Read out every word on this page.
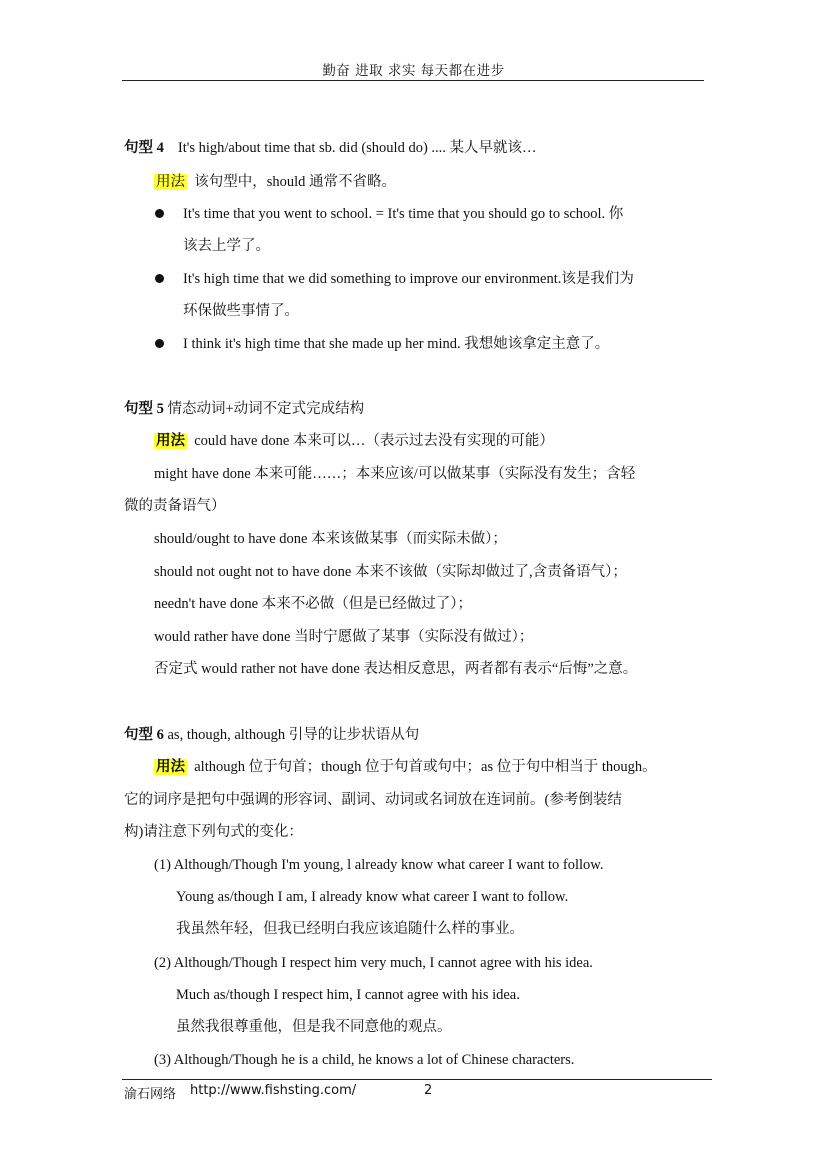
勤奋 进取 求实 每天都在进步
句型 4 It's high/about time that sb. did (should do) .... 某人早就该…
用法 该句型中，should 通常不省略。
It's time that you went to school. = It's time that you should go to school. 你
该去上学了。
It's high time that we did something to improve our environment.该是我们为
环保做些事情了。
I think it's high time that she made up her mind. 我想她该拿定主意了。
句型 5 情态动词+动词不定式完成结构
用法 could have done 本来可以…（表示过去没有实现的可能）
might have done 本来可能……；本来应该/可以做某事（实际没有发生；含轻
微的责备语气）
should/ought to have done 本来该做某事（而实际未做）；
should not ought not to have done 本来不该做（实际却做过了,含责备语气）；
needn't have done 本来不必做（但是已经做过了）；
would rather have done 当时宁愿做了某事（实际没有做过）；
否定式 would rather not have done 表达相反意思，两者都有表示“后悔”之意。
句型 6 as, though, although 引导的让步状语从句
用法 although 位于句首；though 位于句首或句中；as 位于句中相当于 though。
它的词序是把句中强调的形容词、副词、动词或名词放在连词前。(参考倒装结
构)请注意下列句式的变化：
(1) Although/Though I'm young, l already know what career I want to follow.
Young as/though I am, I already know what career I want to follow.
我虽然年轻，但我已经明白我应该追随什么样的事业。
(2) Although/Though I respect him very much, I cannot agree with his idea.
Much as/though I respect him, I cannot agree with his idea.
虽然我很尊重他，但是我不同意他的观点。
(3) Although/Though he is a child, he knows a lot of Chinese characters.
渝石网络 http://www.fishsting.com/	2
